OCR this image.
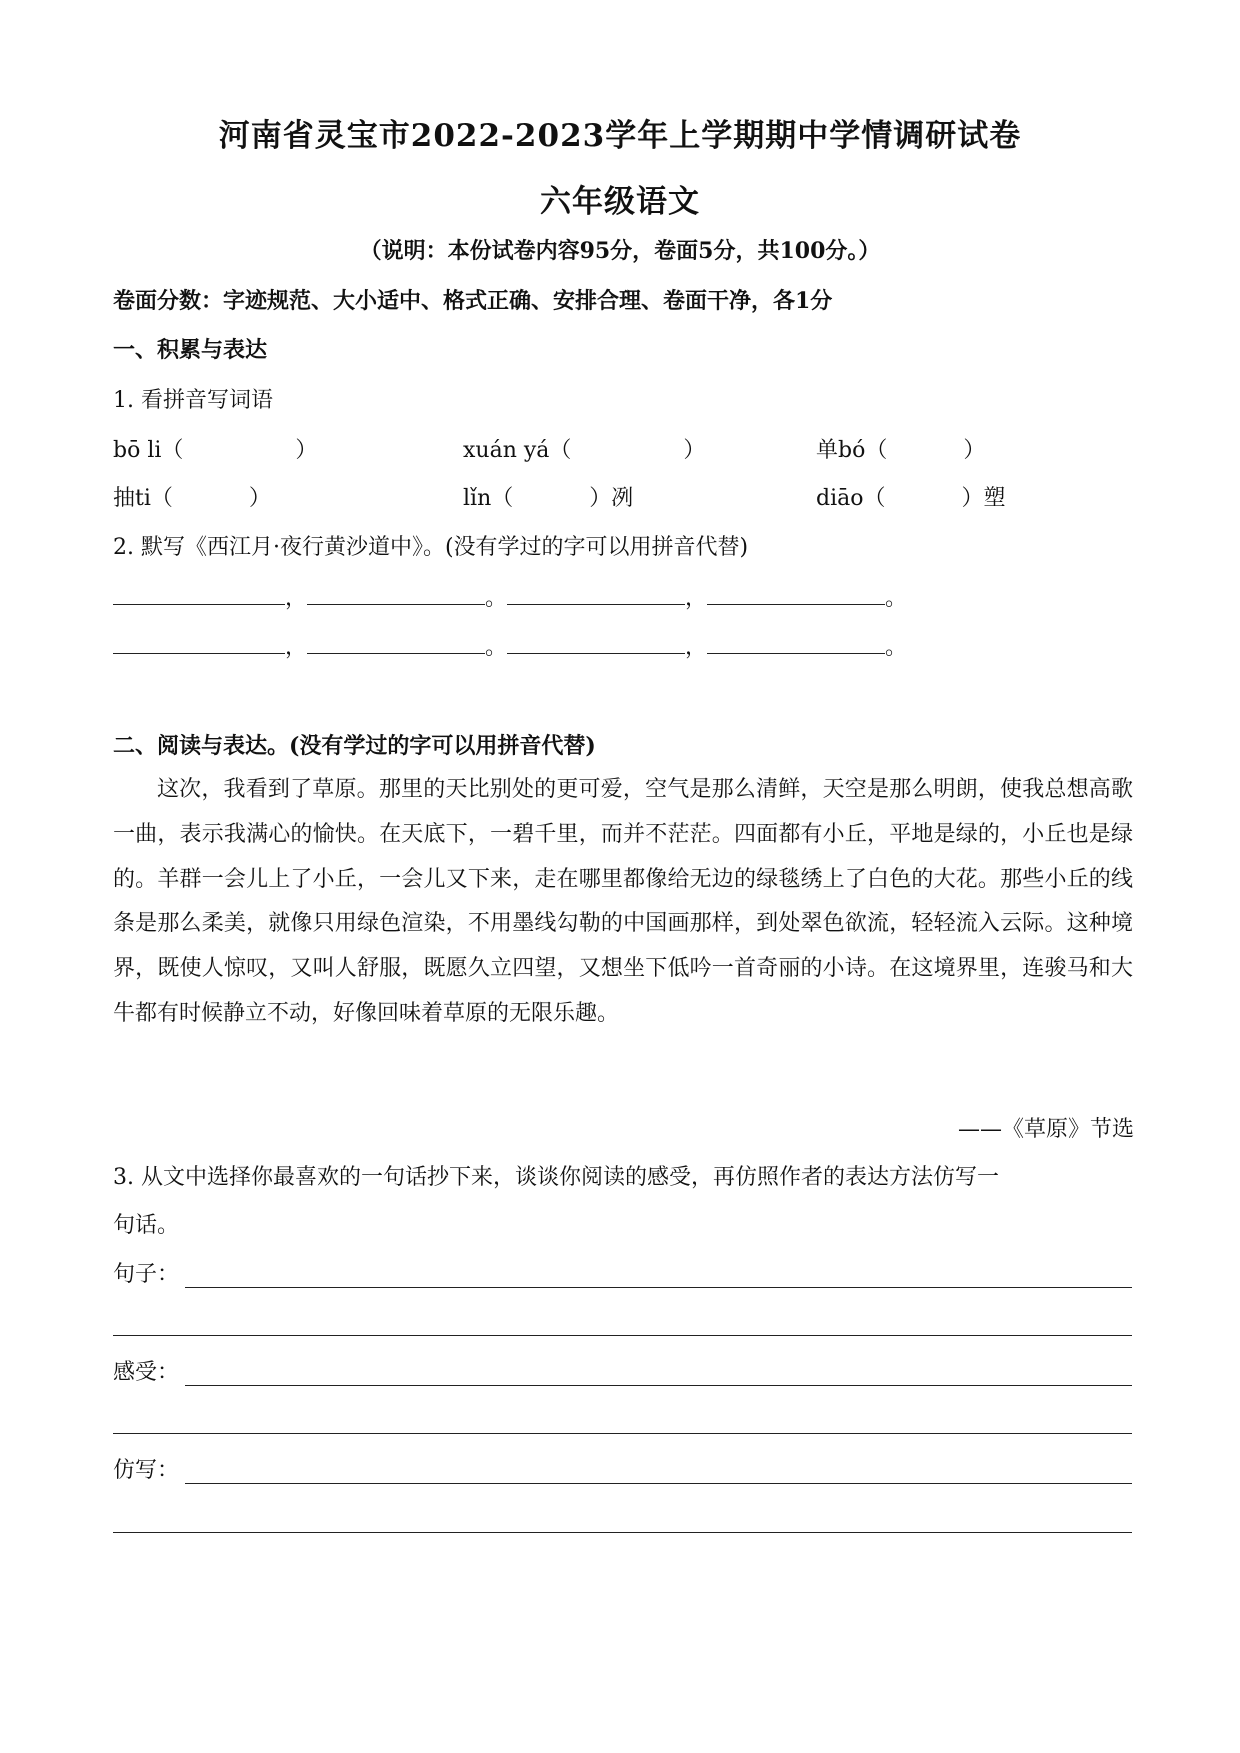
河南省灵宝市2022-2023学年上学期期中学情调研试卷
六年级语文
（说明：本份试卷内容95分，卷面5分，共100分。）
卷面分数：字迹规范、大小适中、格式正确、安排合理、卷面干净，各1分
一、积累与表达
1. 看拼音写词语
bō li（	）	xuán yá（	）	单bó（	）
抽ti（	）	lǐn（	）冽	diāo（	）塑
2. 默写《西江月·夜行黄沙道中》。(没有学过的字可以用拼音代替)
，	。	，	。
，	。	，	。
二、阅读与表达。(没有学过的字可以用拼音代替)

这次，我看到了草原。那里的天比别处的更可爱，空气是那么清鲜，天空是那么明朗，使我总想高歌一曲，表示我满心的愉快。在天底下，一碧千里，而并不茫茫。四面都有小丘，平地是绿的，小丘也是绿的。羊群一会儿上了小丘，一会儿又下来，走在哪里都像给无边的绿毯绣上了白色的大花。那些小丘的线条是那么柔美，就像只用绿色渲染，不用墨线勾勒的中国画那样，到处翠色欲流，轻轻流入云际。这种境界，既使人惊叹，又叫人舒服，既愿久立四望，又想坐下低吟一首奇丽的小诗。在这境界里，连骏马和大牛都有时候静立不动，好像回味着草原的无限乐趣。

——《草原》节选
3. 从文中选择你最喜欢的一句话抄下来，谈谈你阅读的感受，再仿照作者的表达方法仿写一
句话。
句子：
感受：
仿写：
